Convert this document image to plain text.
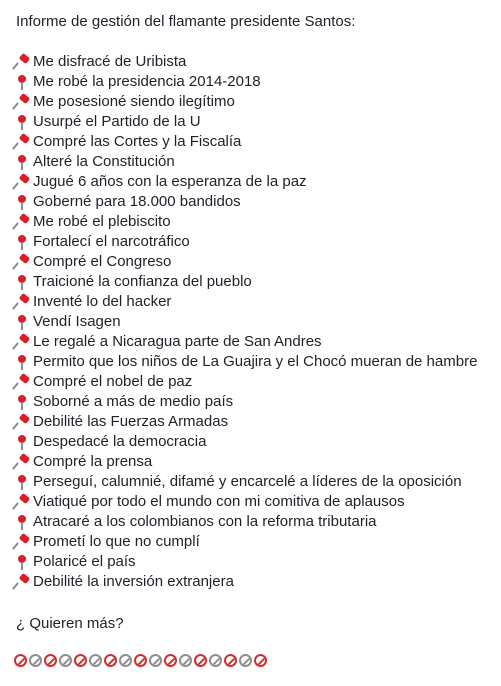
Informe de gestión del flamante presidente Santos:

Me disfracé de Uribista
Me robé la presidencia 2014-2018
Me posesioné siendo ilegítimo
Usurpé el Partido de la U
Compré las Cortes y la Fiscalía
Alteré la Constitución
Jugué 6 años con la esperanza de la paz
Goberné para 18.000 bandidos
Me robé el plebiscito
Fortalecí el narcotráfico
Compré el Congreso
Traicioné la confianza del pueblo
Inventé lo del hacker
Vendí Isagen
Le regalé a Nicaragua parte de San Andres
Permito que los niños de La Guajira y el Chocó mueran de hambre
Compré el nobel de paz
Soborné a más de medio país
Debilité las Fuerzas Armadas
Despedacé la democracia
Compré la prensa
Perseguí, calumnié, difamé y encarcelé a líderes de la oposición
Viatiqué por todo el mundo con mi comitiva de aplausos
Atracaré a los colombianos con la reforma tributaria
Prometí lo que no cumplí
Polaricé el país
Debilité la inversión extranjera

¿ Quieren más?
